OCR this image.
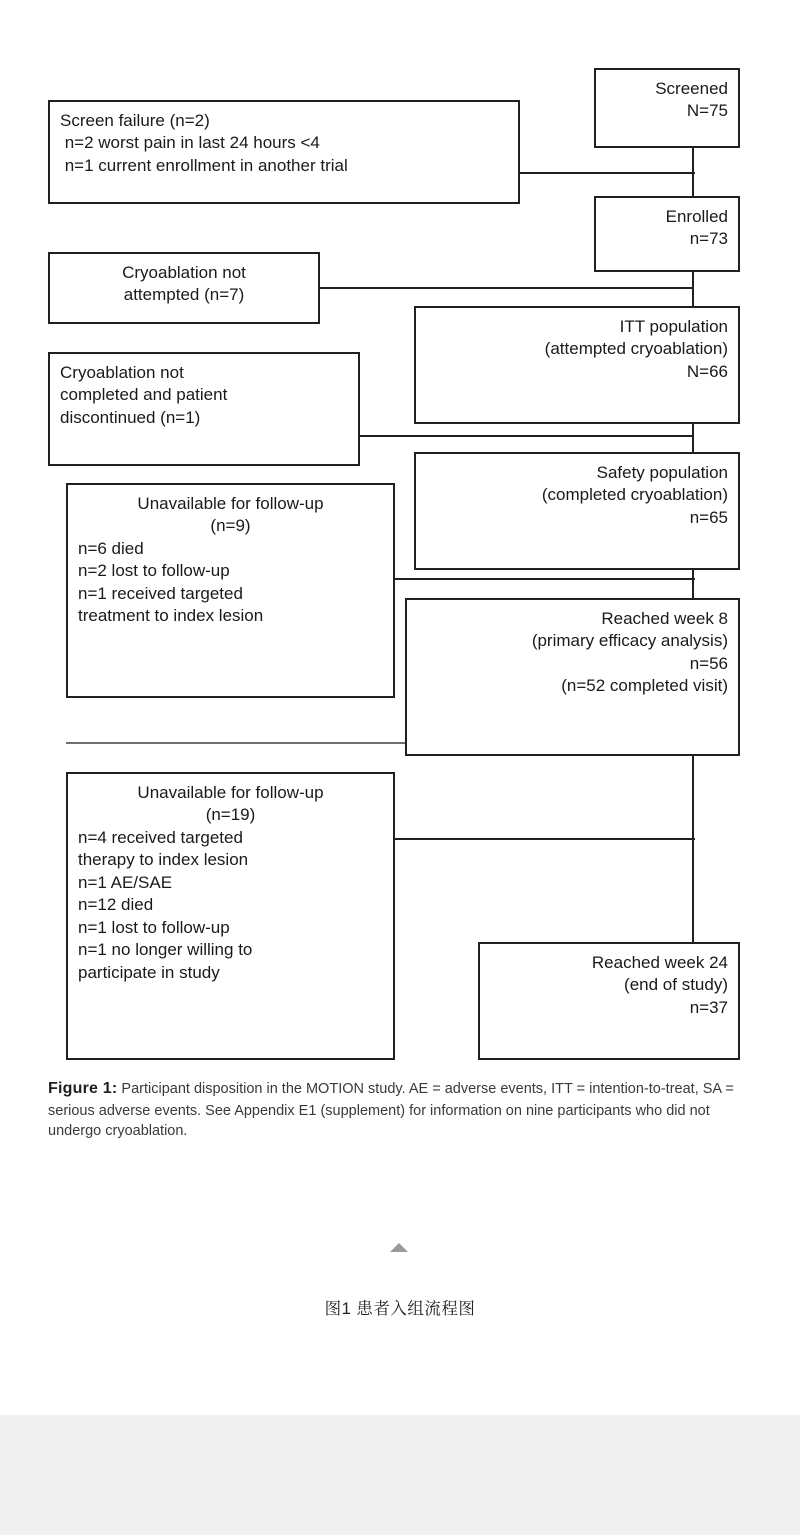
Screened
N=75
Screen failure (n=2)
n=2 worst pain in last 24 hours <4
n=1 current enrollment in another trial
Enrolled
n=73
Cryoablation not
attempted (n=7)
ITT population
(attempted cryoablation)
N=66
Cryoablation not
completed and patient
discontinued (n=1)
Safety population
(completed cryoablation)
n=65
Unavailable for follow-up
(n=9)
n=6 died
n=2 lost to follow-up
n=1 received targeted
treatment to index lesion	Reached week 8
(primary efficacy analysis)
n=56
(n=52 completed visit)
Unavailable for follow-up
(n=19)
n=4 received targeted
therapy to index lesion
n=1 AE/SAE
n=12 died
n=1 lost to follow-up
n=1 no longer willing to
participate in study	Reached week 24
(end of study)
n=37
Figure 1: Participant disposition in the MOTION study. AE = adverse events, ITT = intention-to-treat, SA = serious adverse events. See Appendix E1 (supplement) for information on nine participants who did not undergo cryoablation.
图1 患者入组流程图
